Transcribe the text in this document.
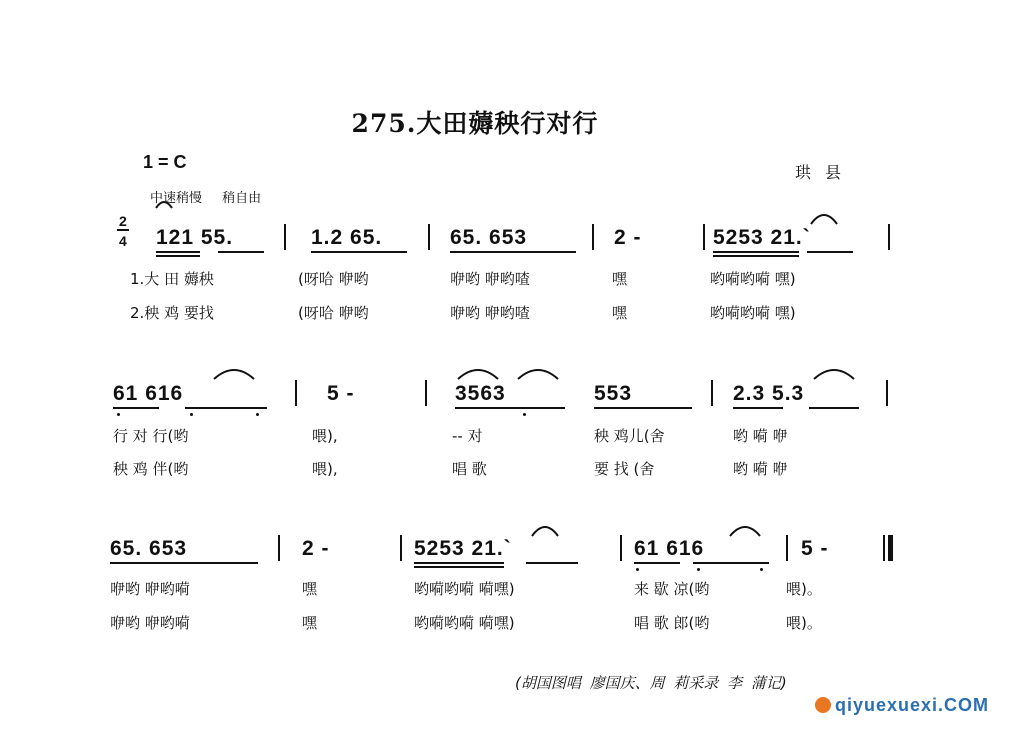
275.大田薅秧行对行
1 = C
珙县
中速稍慢 稍自由
2
4 121 55.	1.2 65.	65. 653	2 -	5253 21.`
1.大 田 薅秧	(呀哈 咿哟	咿哟 咿哟喳	嘿	哟嗬哟嗬 嘿)
2.秧 鸡 要找	(呀哈 咿哟	咿哟 咿哟喳	嘿	哟嗬哟嗬 嘿)
61 616	5 -	3563	553	2.3 5.3
行 对 行(哟	喂),	-- 对	秧 鸡儿(舍	哟 嗬 咿
秧 鸡 伴(哟	喂),	唱 歌	要 找 (舍	哟 嗬 咿
65. 653	2 -	5253 21.`	61 616	5 -
咿哟 咿哟嗬	嘿	哟嗬哟嗬 嗬嘿)	来 歇 凉(哟	喂)。
咿哟 咿哟嗬	嘿	哟嗬哟嗬 嗬嘿)	唱 歌 郎(哟	喂)。
(胡国图唱 廖国庆、周 莉采录 李 蒲记)
qiyuexuexi.COM
